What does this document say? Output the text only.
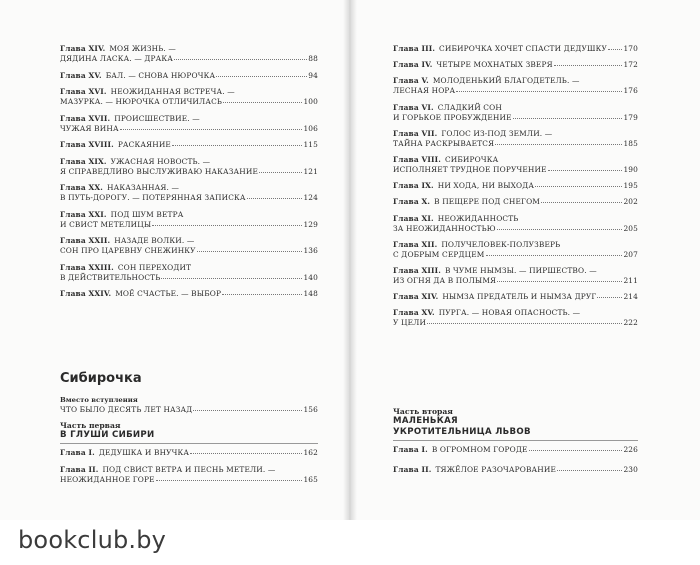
Глава XIV. МОЯ ЖИЗНЬ. —
ДЯДИНА ЛАСКА. — ДРАКА	88
Глава XV. БАЛ. — СНОВА НЮРОЧКА	94
Глава XVI. НЕОЖИДАННАЯ ВСТРЕЧА. —
МАЗУРКА. — НЮРОЧКА ОТЛИЧИЛАСЬ	100
Глава XVII. ПРОИСШЕСТВИЕ. —
ЧУЖАЯ ВИНА	106
Глава XVIII. РАСКАЯНИЕ	115
Глава XIX. УЖАСНАЯ НОВОСТЬ. —
Я СПРАВЕДЛИВО ВЫСЛУЖИВАЮ НАКАЗАНИЕ	121
Глава XX. НАКАЗАННАЯ. —
В ПУТЬ-ДОРОГУ. — ПОТЕРЯННАЯ ЗАПИСКА	124
Глава XXI. ПОД ШУМ ВЕТРА
И СВИСТ МЕТЕЛИЦЫ	129
Глава XXII. НАЗАДЕ ВОЛКИ. —
СОН ПРО ЦАРЕВНУ СНЕЖИНКУ	136
Глава XXIII. СОН ПЕРЕХОДИТ
В ДЕЙСТВИТЕЛЬНОСТЬ	140
Глава XXIV. МОЁ СЧАСТЬЕ. — ВЫБОР	148
Сибирочка
Вместо вступления
ЧТО БЫЛО ДЕСЯТЬ ЛЕТ НАЗАД	156
Часть первая
В ГЛУШИ СИБИРИ
Глава I. ДЕДУШКА И ВНУЧКА	162
Глава II. ПОД СВИСТ ВЕТРА И ПЕСНЬ МЕТЕЛИ. —
НЕОЖИДАННОЕ ГОРЕ	165
Глава III. СИБИРОЧКА ХОЧЕТ СПАСТИ ДЕДУШКУ 170
Глава IV. ЧЕТЫРЕ МОХНАТЫХ ЗВЕРЯ	172
Глава V. МОЛОДЕНЬКИЙ БЛАГОДЕТЕЛЬ. —
ЛЕСНАЯ НОРА	176
Глава VI. СЛАДКИЙ СОН
И ГОРЬКОЕ ПРОБУЖДЕНИЕ	179
Глава VII. ГОЛОС ИЗ-ПОД ЗЕМЛИ. —
ТАЙНА РАСКРЫВАЕТСЯ	185
Глава VIII. СИБИРОЧКА
ИСПОЛНЯЕТ ТРУДНОЕ ПОРУЧЕНИЕ	190
Глава IX. НИ ХОДА, НИ ВЫХОДА	195
Глава X. В ПЕЩЕРЕ ПОД СНЕГОМ	202
Глава XI. НЕОЖИДАННОСТЬ
ЗА НЕОЖИДАННОСТЬЮ	205
Глава XII. ПОЛУЧЕЛОВЕК-ПОЛУЗВЕРЬ
С ДОБРЫМ СЕРДЦЕМ	207
Глава XIII. В ЧУМЕ НЫМЗЫ. — ПИРШЕСТВО. —
ИЗ ОГНЯ ДА В ПОЛЫМЯ	211
Глава XIV. НЫМЗА ПРЕДАТЕЛЬ И НЫМЗА ДРУГ	214
Глава XV. ПУРГА. — НОВАЯ ОПАСНОСТЬ. —
У ЦЕЛИ	222
Часть вторая
МАЛЕНЬКАЯ
УКРОТИТЕЛЬНИЦА ЛЬВОВ
Глава I. В ОГРОМНОМ ГОРОДЕ	226
Глава II. ТЯЖЁЛОЕ РАЗОЧАРОВАНИЕ	230
bookclub.by
